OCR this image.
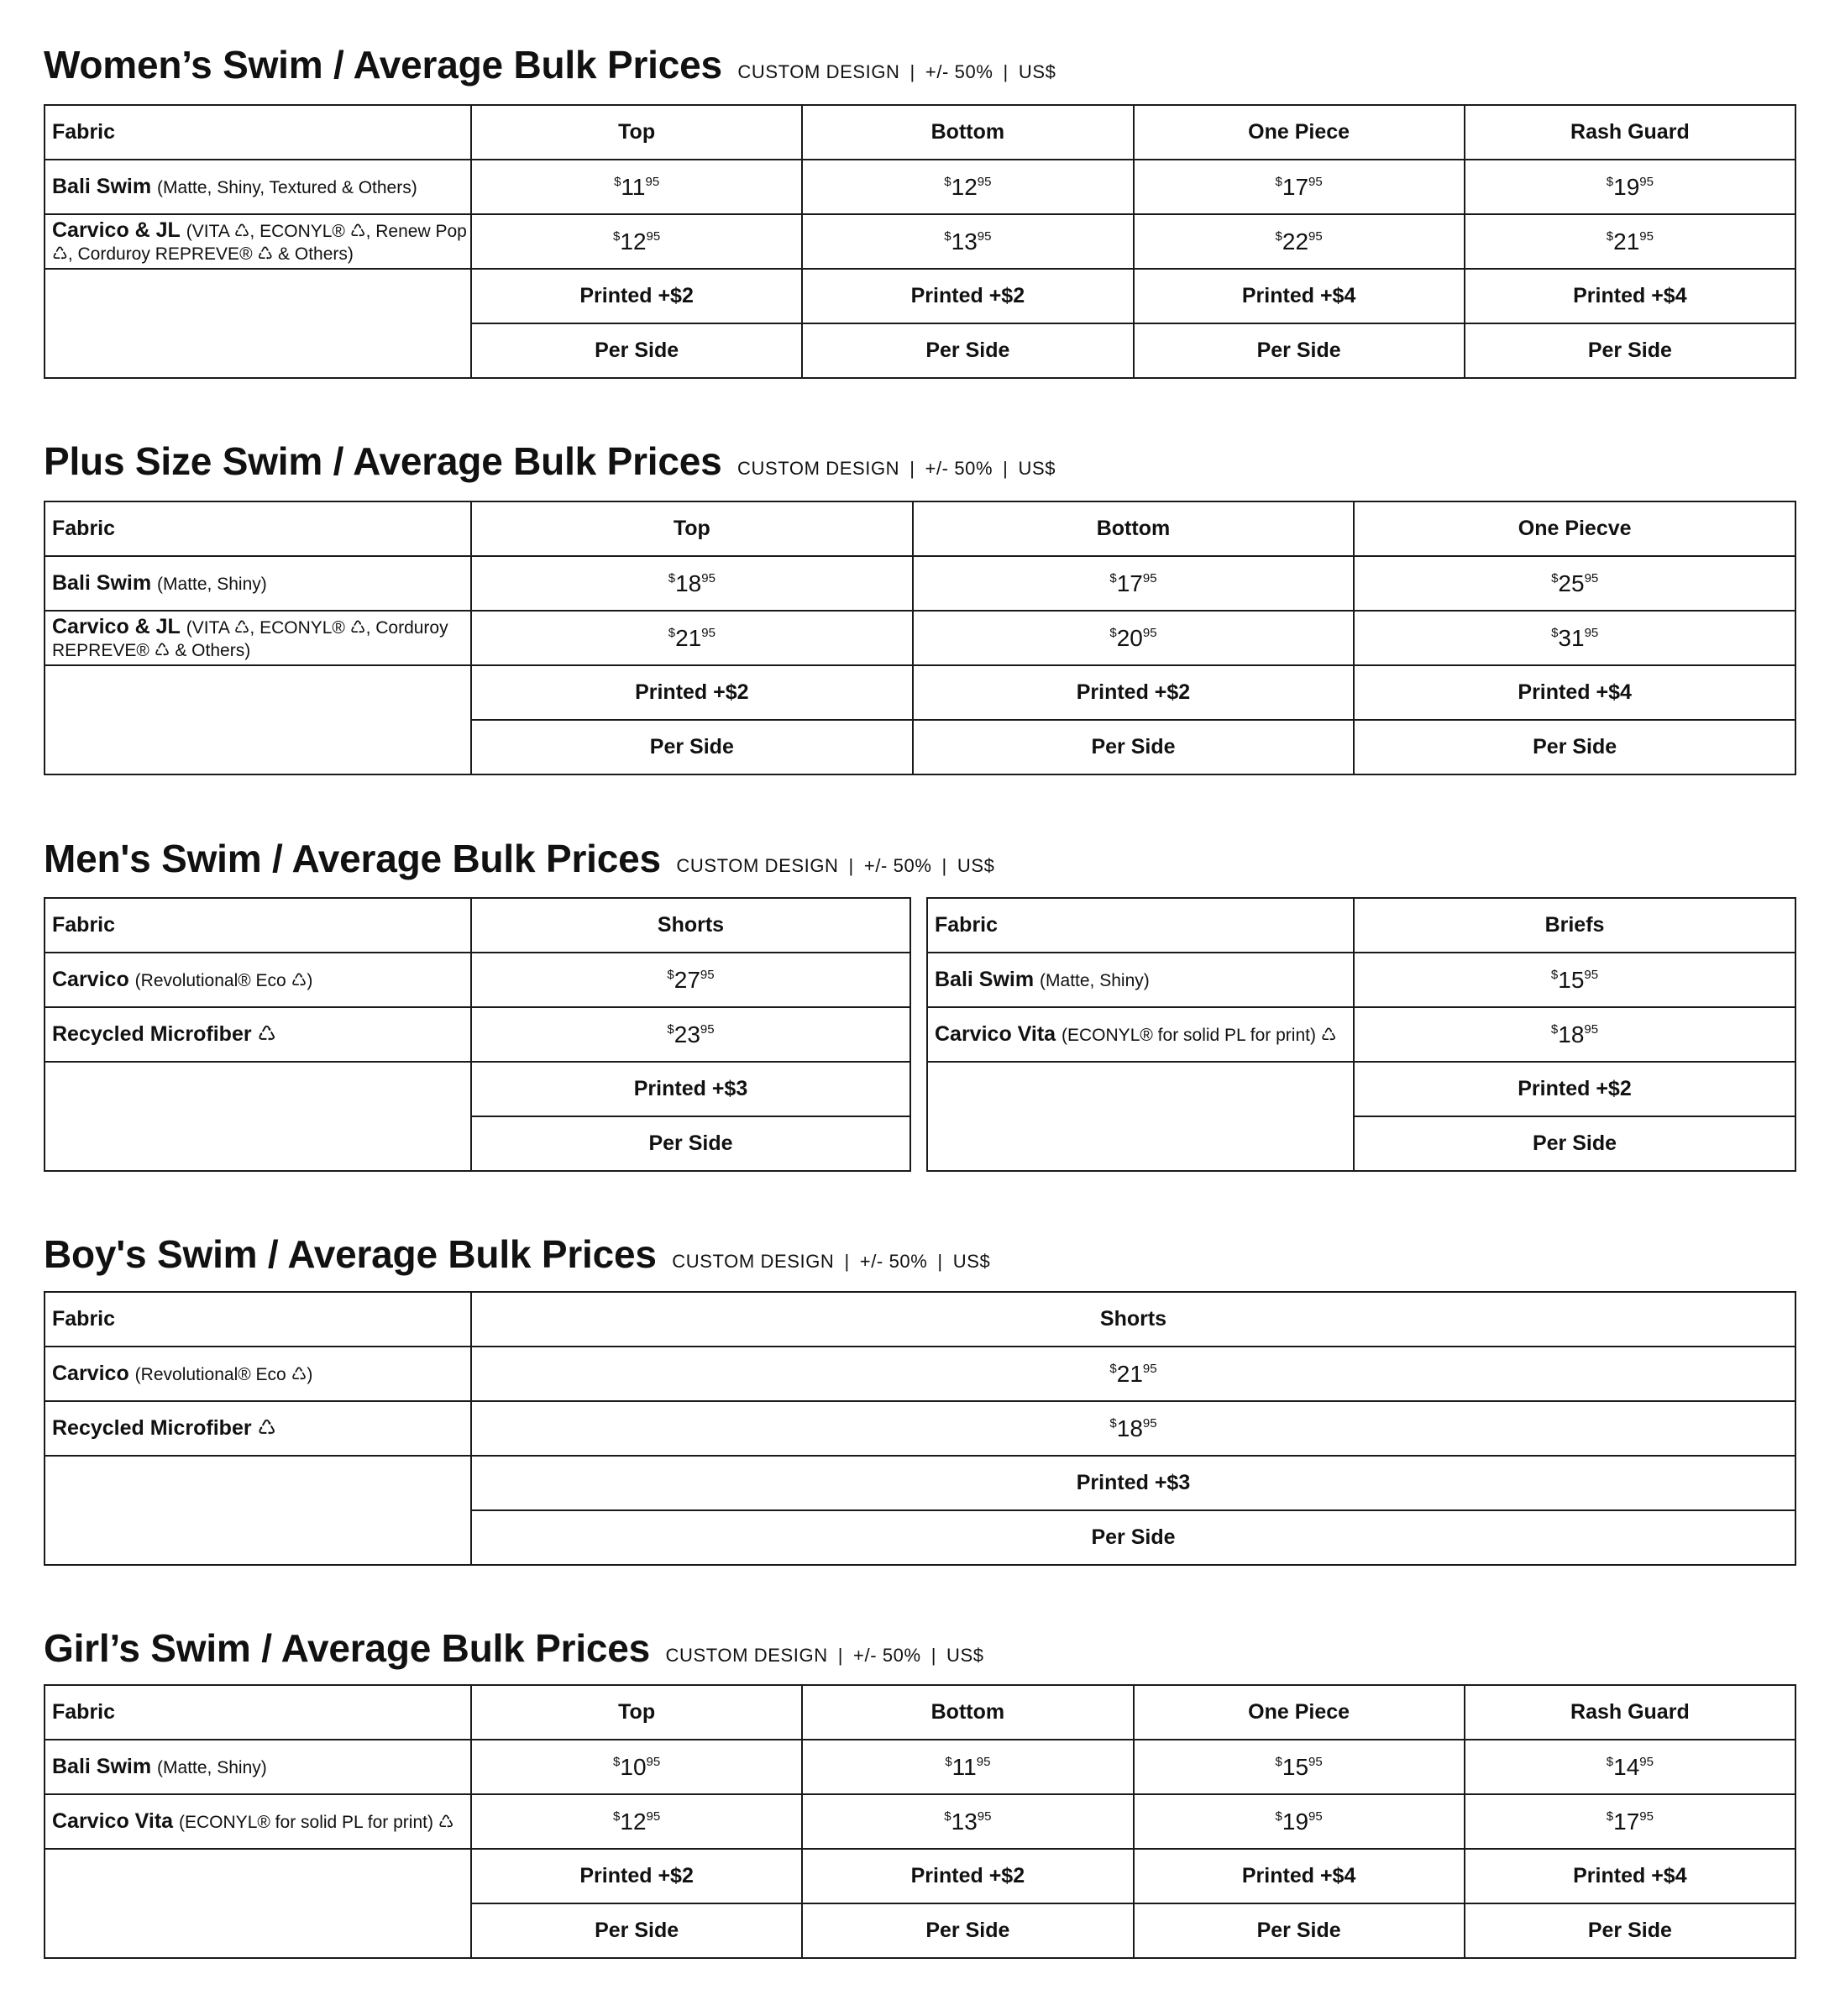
Women’s Swim / Average Bulk Prices CUSTOM DESIGN | +/- 50% | US$
Fabric	Top	Bottom	One Piece	Rash Guard
Bali Swim (Matte, Shiny, Textured & Others)	$^{\$}11^{95}$	$^{\$}12^{95}$	$^{\$}17^{95}$	$^{\$}19^{95}$
Carvico & JL (VITA ♺, ECONYL® ♺, Renew Pop ♺, Corduroy REPREVE® ♺ & Others)	$^{\$}12^{95}$	$^{\$}13^{95}$	$^{\$}22^{95}$	$^{\$}21^{95}$
	Printed +$2	Printed +$2	Printed +$4	Printed +$4
	Per Side	Per Side	Per Side	Per Side
Plus Size Swim / Average Bulk Prices CUSTOM DESIGN | +/- 50% | US$
Fabric	Top	Bottom	One Piecve
Bali Swim (Matte, Shiny)	$^{\$}18^{95}$	$^{\$}17^{95}$	$^{\$}25^{95}$
Carvico & JL (VITA ♺, ECONYL® ♺, Corduroy REPREVE® ♺ & Others)	$^{\$}21^{95}$	$^{\$}20^{95}$	$^{\$}31^{95}$
	Printed +$2	Printed +$2	Printed +$4
	Per Side	Per Side	Per Side
Men's Swim / Average Bulk Prices CUSTOM DESIGN | +/- 50% | US$
Fabric	Shorts
Carvico (Revolutional® Eco ♺)	$^{\$}27^{95}$
Recycled Microfiber ♺	$^{\$}23^{95}$
	Printed +$3
	Per Side
Fabric	Briefs
Bali Swim (Matte, Shiny)	$^{\$}15^{95}$
Carvico Vita (ECONYL® for solid PL for print) ♺	$^{\$}18^{95}$
	Printed +$2
	Per Side
Boy's Swim / Average Bulk Prices CUSTOM DESIGN | +/- 50% | US$
Fabric	Shorts
Carvico (Revolutional® Eco ♺)	$^{\$}21^{95}$
Recycled Microfiber ♺	$^{\$}18^{95}$
	Printed +$3
	Per Side
Girl’s Swim / Average Bulk Prices CUSTOM DESIGN | +/- 50% | US$
Fabric	Top	Bottom	One Piece	Rash Guard
Bali Swim (Matte, Shiny)	$^{\$}10^{95}$	$^{\$}11^{95}$	$^{\$}15^{95}$	$^{\$}14^{95}$
Carvico Vita (ECONYL® for solid PL for print) ♺	$^{\$}12^{95}$	$^{\$}13^{95}$	$^{\$}19^{95}$	$^{\$}17^{95}$
	Printed +$2	Printed +$2	Printed +$4	Printed +$4
	Per Side	Per Side	Per Side	Per Side
